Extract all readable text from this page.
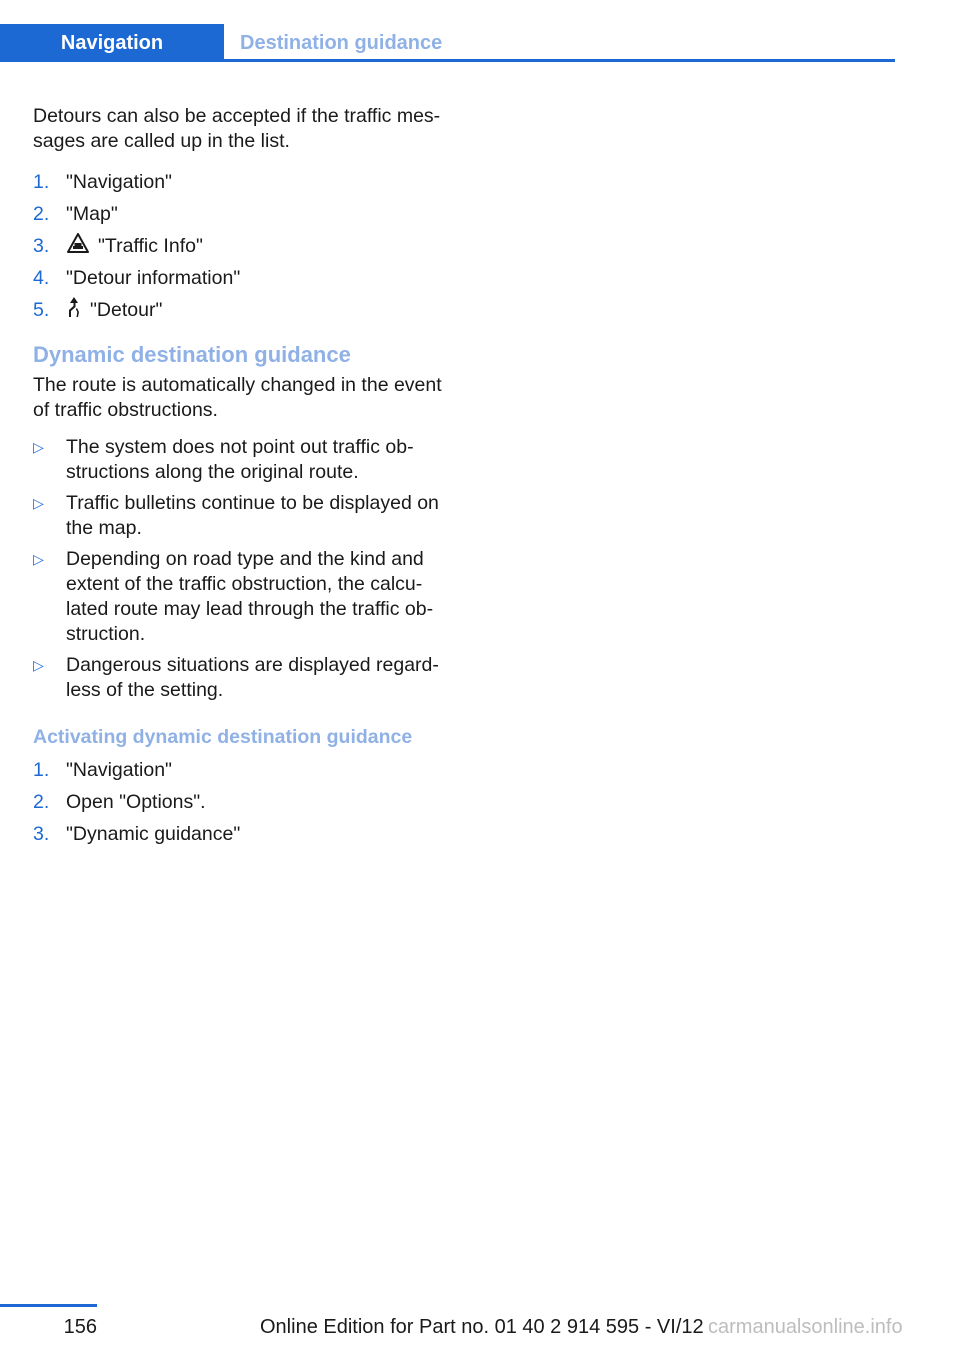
Navigation	Destination guidance

Detours can also be accepted if the traffic mes‐sages are called up in the list.

1. "Navigation"
2. "Map"
3.	"Traffic Info"
4. "Detour information"
5.	"Detour"
Dynamic destination guidance

The route is automatically changed in the event of traffic obstructions.

▷	The system does not point out traffic ob‐structions along the original route.
▷	Traffic bulletins continue to be displayed on the map.
▷	Depending on road type and the kind and extent of the traffic obstruction, the calcu‐lated route may lead through the traffic ob‐struction.
▷	Dangerous situations are displayed regard‐less of the setting.
Activating dynamic destination guidance
1. "Navigation"
2. Open "Options".
3. "Dynamic guidance"
156	Online Edition for Part no. 01 40 2 914 595 - VI/12 carmanualsonline.info
